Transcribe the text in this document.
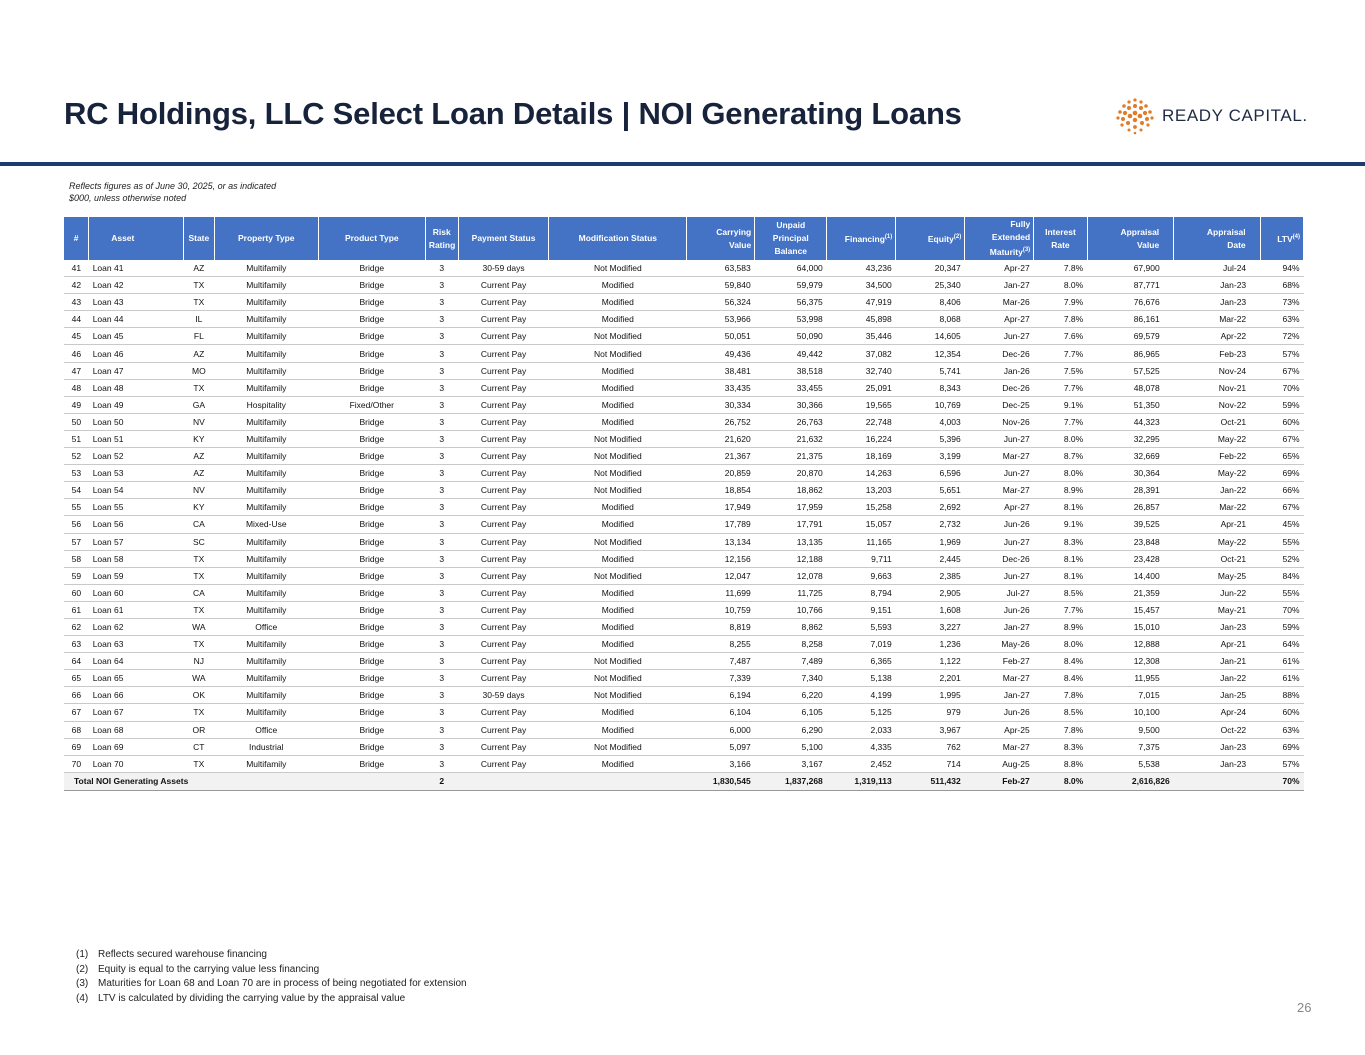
RC Holdings, LLC Select Loan Details | NOI Generating Loans	READY CAPITAL.
Reflects figures as of June 30, 2025, or as indicated
$000, unless otherwise noted
#	Asset	State	Property Type	Product Type	Risk
Rating	Payment Status	Modification Status	Carrying
Value	Unpaid
Principal
Balance	Financing$^{(1)}$	Equity$^{(2)}$	Fully
Extended
Maturity$^{(3)}$	Interest
Rate	Appraisal
Value	Appraisal
Date	LTV$^{(4)}$
41	Loan 41	AZ	Multifamily	Bridge	3	30-59 days	Not Modified	63,583	64,000	43,236	20,347	Apr-27	7.8%	67,900	Jul-24	94%
42	Loan 42	TX	Multifamily	Bridge	3	Current Pay	Modified	59,840	59,979	34,500	25,340	Jan-27	8.0%	87,771	Jan-23	68%
43	Loan 43	TX	Multifamily	Bridge	3	Current Pay	Modified	56,324	56,375	47,919	8,406	Mar-26	7.9%	76,676	Jan-23	73%
44	Loan 44	IL	Multifamily	Bridge	3	Current Pay	Modified	53,966	53,998	45,898	8,068	Apr-27	7.8%	86,161	Mar-22	63%
45	Loan 45	FL	Multifamily	Bridge	3	Current Pay	Not Modified	50,051	50,090	35,446	14,605	Jun-27	7.6%	69,579	Apr-22	72%
46	Loan 46	AZ	Multifamily	Bridge	3	Current Pay	Not Modified	49,436	49,442	37,082	12,354	Dec-26	7.7%	86,965	Feb-23	57%
47	Loan 47	MO	Multifamily	Bridge	3	Current Pay	Modified	38,481	38,518	32,740	5,741	Jan-26	7.5%	57,525	Nov-24	67%
48	Loan 48	TX	Multifamily	Bridge	3	Current Pay	Modified	33,435	33,455	25,091	8,343	Dec-26	7.7%	48,078	Nov-21	70%
49	Loan 49	GA	Hospitality	Fixed/Other	3	Current Pay	Modified	30,334	30,366	19,565	10,769	Dec-25	9.1%	51,350	Nov-22	59%
50	Loan 50	NV	Multifamily	Bridge	3	Current Pay	Modified	26,752	26,763	22,748	4,003	Nov-26	7.7%	44,323	Oct-21	60%
51	Loan 51	KY	Multifamily	Bridge	3	Current Pay	Not Modified	21,620	21,632	16,224	5,396	Jun-27	8.0%	32,295	May-22	67%
52	Loan 52	AZ	Multifamily	Bridge	3	Current Pay	Not Modified	21,367	21,375	18,169	3,199	Mar-27	8.7%	32,669	Feb-22	65%
53	Loan 53	AZ	Multifamily	Bridge	3	Current Pay	Not Modified	20,859	20,870	14,263	6,596	Jun-27	8.0%	30,364	May-22	69%
54	Loan 54	NV	Multifamily	Bridge	3	Current Pay	Not Modified	18,854	18,862	13,203	5,651	Mar-27	8.9%	28,391	Jan-22	66%
55	Loan 55	KY	Multifamily	Bridge	3	Current Pay	Modified	17,949	17,959	15,258	2,692	Apr-27	8.1%	26,857	Mar-22	67%
56	Loan 56	CA	Mixed-Use	Bridge	3	Current Pay	Modified	17,789	17,791	15,057	2,732	Jun-26	9.1%	39,525	Apr-21	45%
57	Loan 57	SC	Multifamily	Bridge	3	Current Pay	Not Modified	13,134	13,135	11,165	1,969	Jun-27	8.3%	23,848	May-22	55%
58	Loan 58	TX	Multifamily	Bridge	3	Current Pay	Modified	12,156	12,188	9,711	2,445	Dec-26	8.1%	23,428	Oct-21	52%
59	Loan 59	TX	Multifamily	Bridge	3	Current Pay	Not Modified	12,047	12,078	9,663	2,385	Jun-27	8.1%	14,400	May-25	84%
60	Loan 60	CA	Multifamily	Bridge	3	Current Pay	Modified	11,699	11,725	8,794	2,905	Jul-27	8.5%	21,359	Jun-22	55%
61	Loan 61	TX	Multifamily	Bridge	3	Current Pay	Modified	10,759	10,766	9,151	1,608	Jun-26	7.7%	15,457	May-21	70%
62	Loan 62	WA	Office	Bridge	3	Current Pay	Modified	8,819	8,862	5,593	3,227	Jan-27	8.9%	15,010	Jan-23	59%
63	Loan 63	TX	Multifamily	Bridge	3	Current Pay	Modified	8,255	8,258	7,019	1,236	May-26	8.0%	12,888	Apr-21	64%
64	Loan 64	NJ	Multifamily	Bridge	3	Current Pay	Not Modified	7,487	7,489	6,365	1,122	Feb-27	8.4%	12,308	Jan-21	61%
65	Loan 65	WA	Multifamily	Bridge	3	Current Pay	Not Modified	7,339	7,340	5,138	2,201	Mar-27	8.4%	11,955	Jan-22	61%
66	Loan 66	OK	Multifamily	Bridge	3	30-59 days	Not Modified	6,194	6,220	4,199	1,995	Jan-27	7.8%	7,015	Jan-25	88%
67	Loan 67	TX	Multifamily	Bridge	3	Current Pay	Modified	6,104	6,105	5,125	979	Jun-26	8.5%	10,100	Apr-24	60%
68	Loan 68	OR	Office	Bridge	3	Current Pay	Modified	6,000	6,290	2,033	3,967	Apr-25	7.8%	9,500	Oct-22	63%
69	Loan 69	CT	Industrial	Bridge	3	Current Pay	Not Modified	5,097	5,100	4,335	762	Mar-27	8.3%	7,375	Jan-23	69%
70	Loan 70	TX	Multifamily	Bridge	3	Current Pay	Modified	3,166	3,167	2,452	714	Aug-25	8.8%	5,538	Jan-23	57%
Total NOI Generating Assets					2			1,830,545	1,837,268	1,319,113	511,432	Feb-27	8.0%	2,616,826		70%
(1) Reflects secured warehouse financing
(2) Equity is equal to the carrying value less financing
(3) Maturities for Loan 68 and Loan 70 are in process of being negotiated for extension
(4) LTV is calculated by dividing the carrying value by the appraisal value
26
